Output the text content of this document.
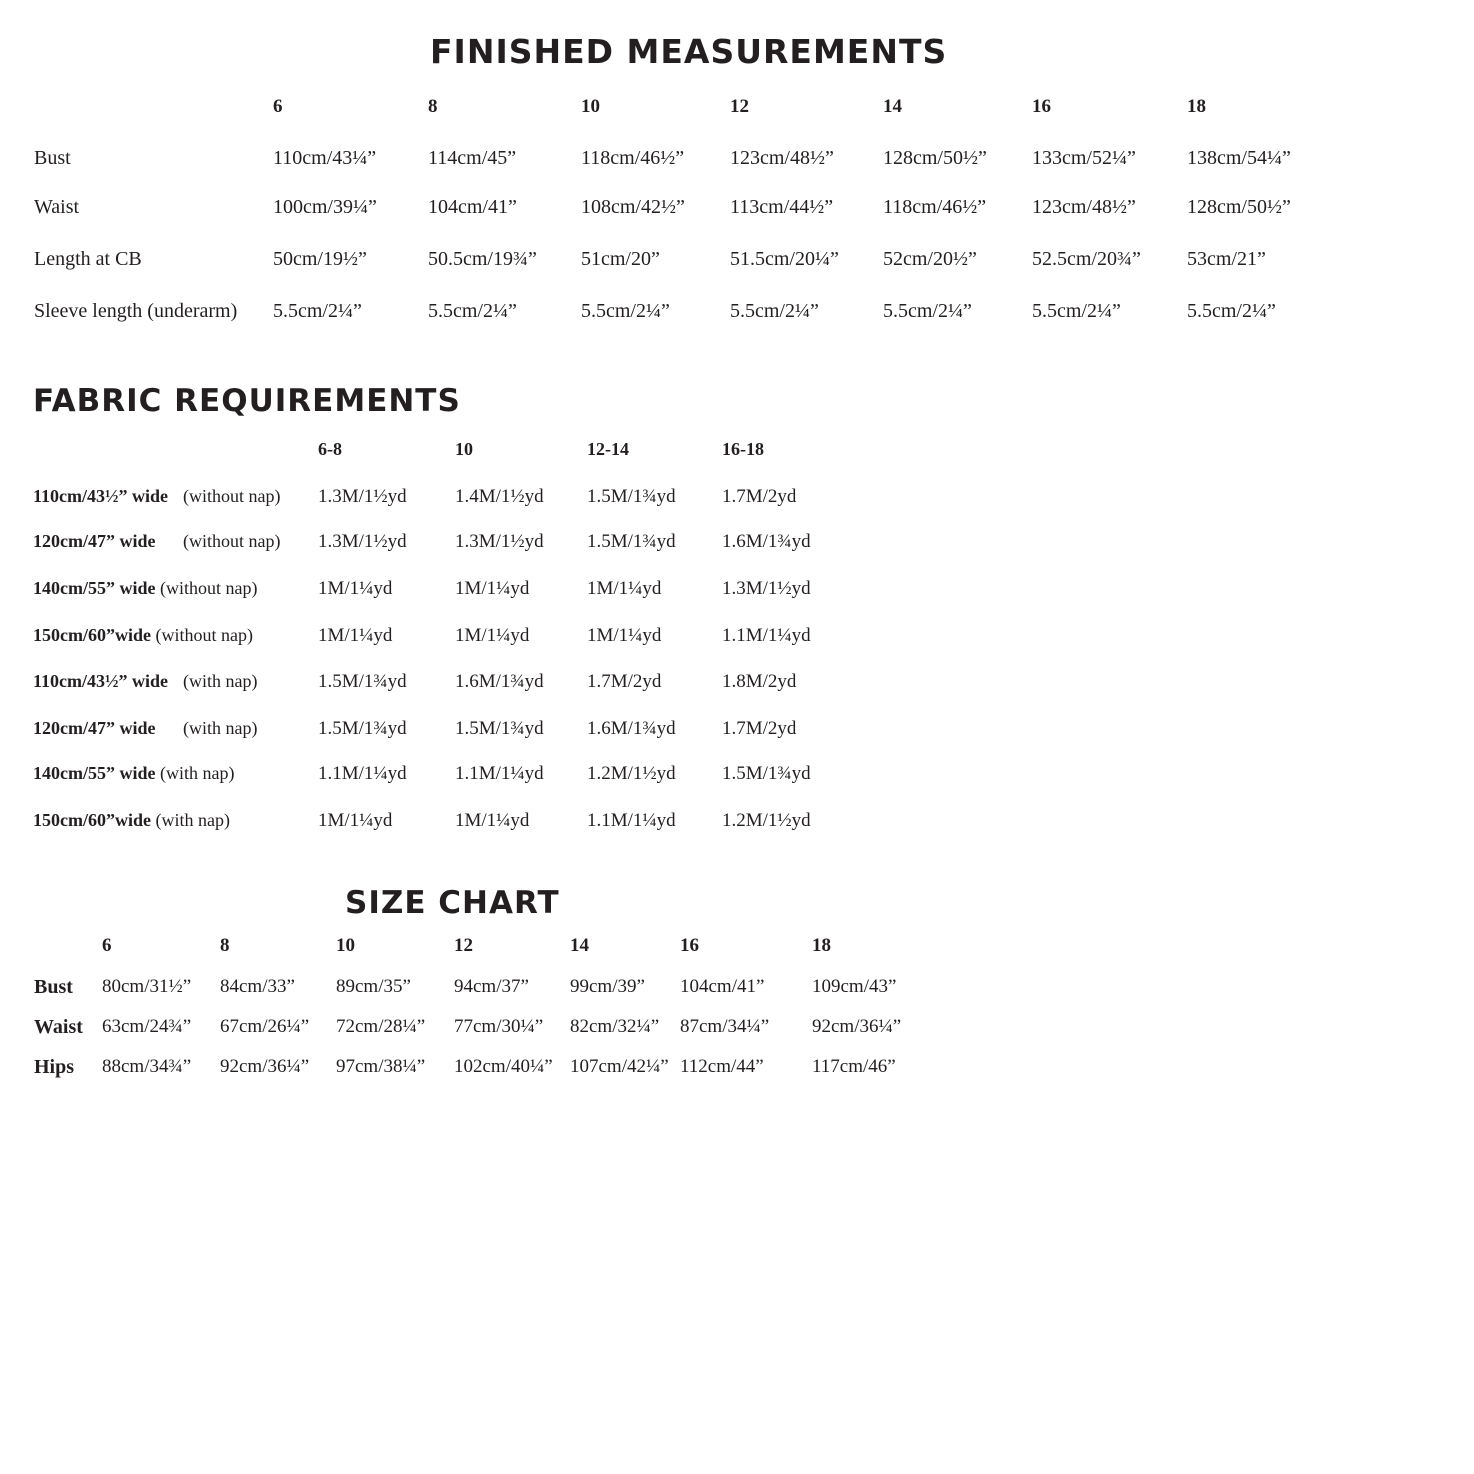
FINISHED MEASUREMENTS
6	8	10	12	14	16	18
Bust	110cm/43¼”	114cm/45”	118cm/46½” 123cm/48½” 128cm/50½” 133cm/52¼”	138cm/54¼”
Waist	100cm/39¼”	104cm/41”	108cm/42½” 113cm/44½” 118cm/46½” 123cm/48½”	128cm/50½”
Length at CB	50cm/19½”	50.5cm/19¾” 51cm/20”	51.5cm/20¼” 52cm/20½”	52.5cm/20¾” 53cm/21”
Sleeve length (underarm) 5.5cm/2¼”	5.5cm/2¼”	5.5cm/2¼”	5.5cm/2¼”	5.5cm/2¼”	5.5cm/2¼”	5.5cm/2¼”
FABRIC REQUIREMENTS
6-8	10	12-14	16-18
110cm/43½” wide (without nap) 1.3M/1½yd	1.4M/1½yd 1.5M/1¾yd 1.7M/2yd
120cm/47” wide (without nap) 1.3M/1½yd	1.3M/1½yd 1.5M/1¾yd 1.6M/1¾yd
140cm/55” wide (without nap)	1M/1¼yd	1M/1¼yd	1M/1¼yd	1.3M/1½yd
150cm/60”wide (without nap)	1M/1¼yd	1M/1¼yd	1M/1¼yd	1.1M/1¼yd
110cm/43½” wide (with nap)	1.5M/1¾yd	1.6M/1¾yd 1.7M/2yd	1.8M/2yd
120cm/47” wide (with nap)	1.5M/1¾yd	1.5M/1¾yd 1.6M/1¾yd 1.7M/2yd
140cm/55” wide (with nap)	1.1M/1¼yd	1.1M/1¼yd 1.2M/1½yd 1.5M/1¾yd
150cm/60”wide (with nap)	1M/1¼yd	1M/1¼yd	1.1M/1¼yd 1.2M/1½yd
SIZE CHART
6	8	10	12	14	16	18
Bust 80cm/31½” 84cm/33” 89cm/35” 94cm/37” 99cm/39” 104cm/41”	109cm/43”
Waist 63cm/24¾” 67cm/26¼” 72cm/28¼” 77cm/30¼” 82cm/32¼” 87cm/34¼” 92cm/36¼”
Hips 88cm/34¾” 92cm/36¼” 97cm/38¼” 102cm/40¼” 107cm/42¼” 112cm/44”	117cm/46”
